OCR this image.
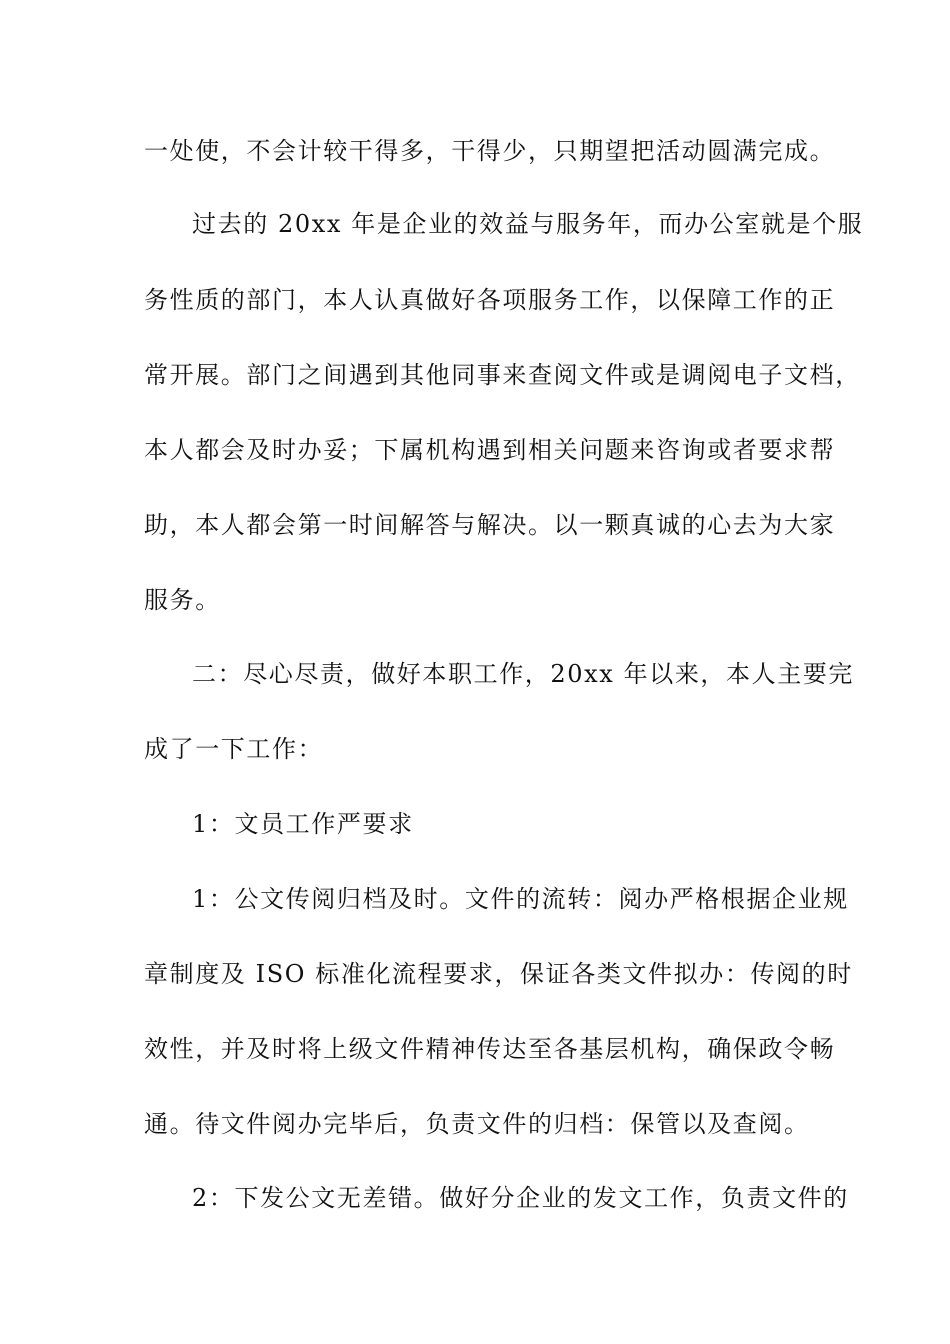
一处使，不会计较干得多，干得少，只期望把活动圆满完成。
过去的 20xx 年是企业的效益与服务年，而办公室就是个服
务性质的部门，本人认真做好各项服务工作，以保障工作的正
常开展。部门之间遇到其他同事来查阅文件或是调阅电子文档，
本人都会及时办妥；下属机构遇到相关问题来咨询或者要求帮
助，本人都会第一时间解答与解决。以一颗真诚的心去为大家
服务。
二：尽心尽责，做好本职工作，20xx 年以来，本人主要完
成了一下工作：
1：文员工作严要求
1：公文传阅归档及时。文件的流转：阅办严格根据企业规
章制度及 ISO 标准化流程要求，保证各类文件拟办：传阅的时
效性，并及时将上级文件精神传达至各基层机构，确保政令畅
通。待文件阅办完毕后，负责文件的归档：保管以及查阅。
2：下发公文无差错。做好分企业的发文工作，负责文件的
